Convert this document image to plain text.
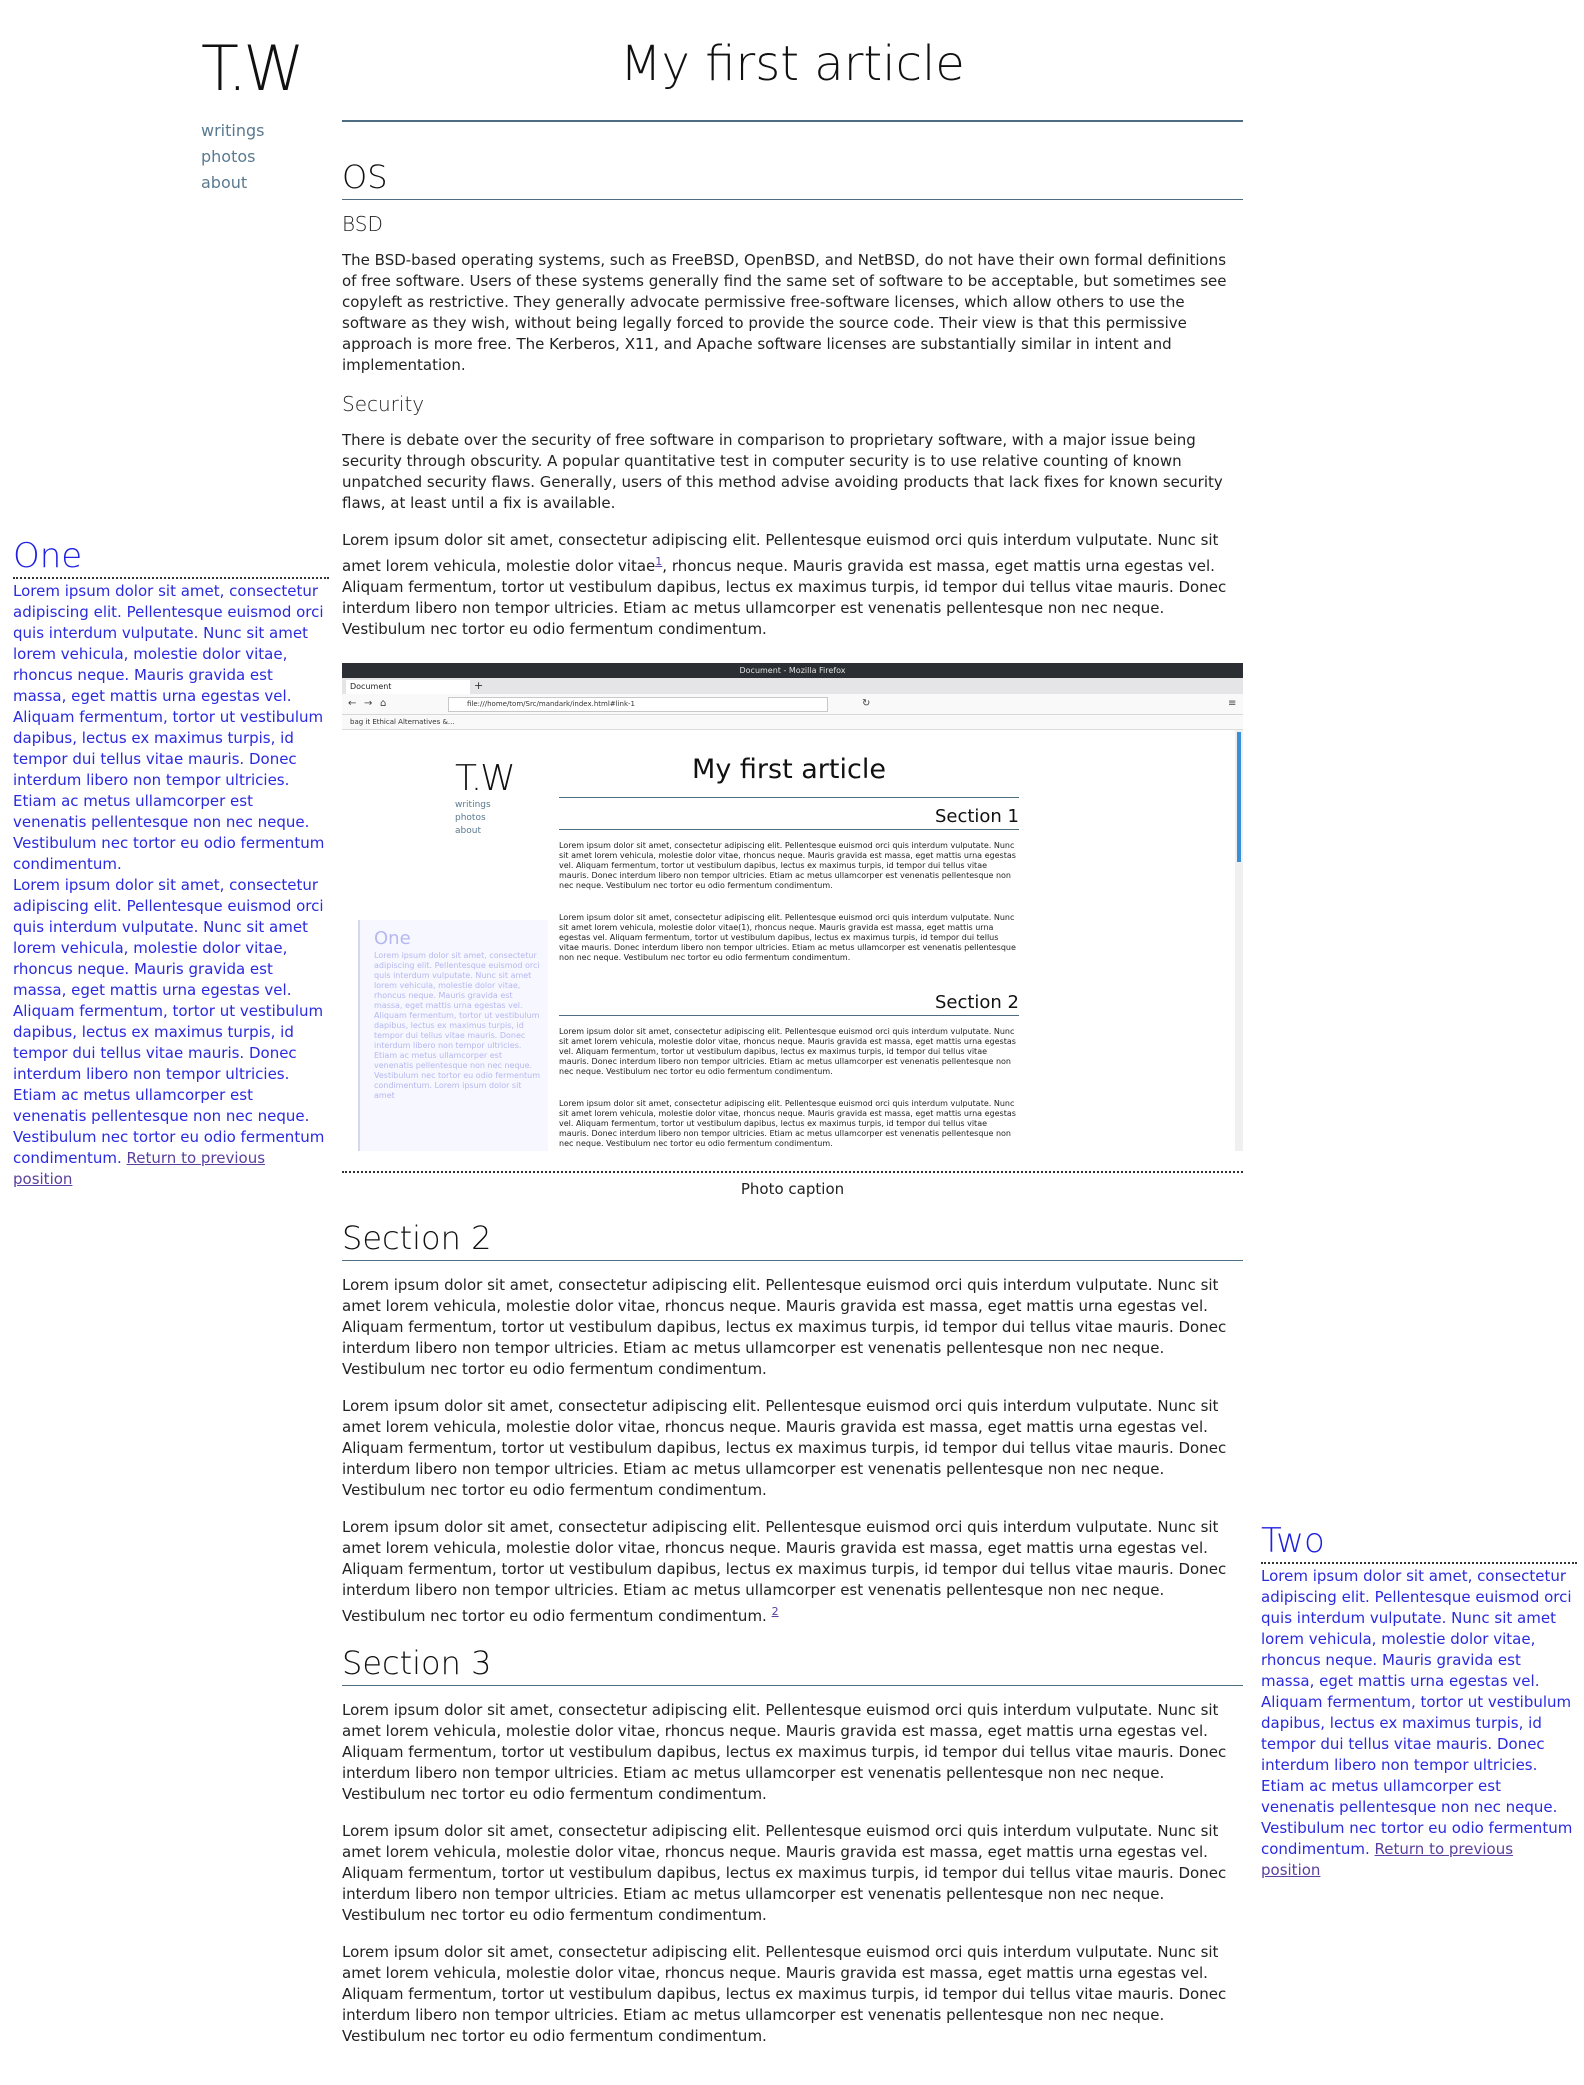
T.W
writings
photos
about
My first article
OS
BSD

The BSD-based operating systems, such as FreeBSD, OpenBSD, and NetBSD, do not have their own formal definitions of free software. Users of these systems generally find the same set of software to be acceptable, but sometimes see copyleft as restrictive. They generally advocate permissive free-software licenses, which allow others to use the software as they wish, without being legally forced to provide the source code. Their view is that this permissive approach is more free. The Kerberos, X11, and Apache software licenses are substantially similar in intent and implementation.

Security

There is debate over the security of free software in comparison to proprietary software, with a major issue being security through obscurity. A popular quantitative test in computer security is to use relative counting of known unpatched security flaws. Generally, users of this method advise avoiding products that lack fixes for known security flaws, at least until a fix is available.

Lorem ipsum dolor sit amet, consectetur adipiscing elit. Pellentesque euismod orci quis interdum vulputate. Nunc sit amet lorem vehicula, molestie dolor vitae$^1$, rhoncus neque. Mauris gravida est massa, eget mattis urna egestas vel. Aliquam fermentum, tortor ut vestibulum dapibus, lectus ex maximus turpis, id tempor dui tellus vitae mauris. Donec interdum libero non tempor ultricies. Etiam ac metus ullamcorper est venenatis pellentesque non nec neque. Vestibulum nec tortor eu odio fermentum condimentum.

Document - Mozilla Firefox
Document	+
← → ⌂	file:///home/tom/Src/mandark/index.html#link-1	↻	≡
bag it Ethical Alternatives &...
T.W
writings
photos
about
My first article
Section 1
Lorem ipsum dolor sit amet, consectetur adipiscing elit. Pellentesque euismod orci quis interdum vulputate. Nunc sit amet lorem vehicula, molestie dolor vitae, rhoncus neque. Mauris gravida est massa, eget mattis urna egestas vel. Aliquam fermentum, tortor ut vestibulum dapibus, lectus ex maximus turpis, id tempor dui tellus vitae mauris. Donec interdum libero non tempor ultricies. Etiam ac metus ullamcorper est venenatis pellentesque non nec neque. Vestibulum nec tortor eu odio fermentum condimentum.
Lorem ipsum dolor sit amet, consectetur adipiscing elit. Pellentesque euismod orci quis interdum vulputate. Nunc sit amet lorem vehicula, molestie dolor vitae(1), rhoncus neque. Mauris gravida est massa, eget mattis urna egestas vel. Aliquam fermentum, tortor ut vestibulum dapibus, lectus ex maximus turpis, id tempor dui tellus vitae mauris. Donec interdum libero non tempor ultricies. Etiam ac metus ullamcorper est venenatis pellentesque non nec neque. Vestibulum nec tortor eu odio fermentum condimentum.
Section 2
Lorem ipsum dolor sit amet, consectetur adipiscing elit. Pellentesque euismod orci quis interdum vulputate. Nunc sit amet lorem vehicula, molestie dolor vitae, rhoncus neque. Mauris gravida est massa, eget mattis urna egestas vel. Aliquam fermentum, tortor ut vestibulum dapibus, lectus ex maximus turpis, id tempor dui tellus vitae mauris. Donec interdum libero non tempor ultricies. Etiam ac metus ullamcorper est venenatis pellentesque non nec neque. Vestibulum nec tortor eu odio fermentum condimentum.
Lorem ipsum dolor sit amet, consectetur adipiscing elit. Pellentesque euismod orci quis interdum vulputate. Nunc sit amet lorem vehicula, molestie dolor vitae, rhoncus neque. Mauris gravida est massa, eget mattis urna egestas vel. Aliquam fermentum, tortor ut vestibulum dapibus, lectus ex maximus turpis, id tempor dui tellus vitae mauris. Donec interdum libero non tempor ultricies. Etiam ac metus ullamcorper est venenatis pellentesque non nec neque. Vestibulum nec tortor eu odio fermentum condimentum.
One
Lorem ipsum dolor sit amet, consectetur adipiscing elit. Pellentesque euismod orci quis interdum vulputate. Nunc sit amet lorem vehicula, molestie dolor vitae, rhoncus neque. Mauris gravida est massa, eget mattis urna egestas vel. Aliquam fermentum, tortor ut vestibulum dapibus, lectus ex maximus turpis, id tempor dui tellus vitae mauris. Donec interdum libero non tempor ultricies. Etiam ac metus ullamcorper est venenatis pellentesque non nec neque. Vestibulum nec tortor eu odio fermentum condimentum. Lorem ipsum dolor sit amet
Photo caption
Section 2

Lorem ipsum dolor sit amet, consectetur adipiscing elit. Pellentesque euismod orci quis interdum vulputate. Nunc sit amet lorem vehicula, molestie dolor vitae, rhoncus neque. Mauris gravida est massa, eget mattis urna egestas vel. Aliquam fermentum, tortor ut vestibulum dapibus, lectus ex maximus turpis, id tempor dui tellus vitae mauris. Donec interdum libero non tempor ultricies. Etiam ac metus ullamcorper est venenatis pellentesque non nec neque. Vestibulum nec tortor eu odio fermentum condimentum.

Lorem ipsum dolor sit amet, consectetur adipiscing elit. Pellentesque euismod orci quis interdum vulputate. Nunc sit amet lorem vehicula, molestie dolor vitae, rhoncus neque. Mauris gravida est massa, eget mattis urna egestas vel. Aliquam fermentum, tortor ut vestibulum dapibus, lectus ex maximus turpis, id tempor dui tellus vitae mauris. Donec interdum libero non tempor ultricies. Etiam ac metus ullamcorper est venenatis pellentesque non nec neque. Vestibulum nec tortor eu odio fermentum condimentum.

Lorem ipsum dolor sit amet, consectetur adipiscing elit. Pellentesque euismod orci quis interdum vulputate. Nunc sit amet lorem vehicula, molestie dolor vitae, rhoncus neque. Mauris gravida est massa, eget mattis urna egestas vel. Aliquam fermentum, tortor ut vestibulum dapibus, lectus ex maximus turpis, id tempor dui tellus vitae mauris. Donec interdum libero non tempor ultricies. Etiam ac metus ullamcorper est venenatis pellentesque non nec neque. Vestibulum nec tortor eu odio fermentum condimentum. $^2$

Section 3

Lorem ipsum dolor sit amet, consectetur adipiscing elit. Pellentesque euismod orci quis interdum vulputate. Nunc sit amet lorem vehicula, molestie dolor vitae, rhoncus neque. Mauris gravida est massa, eget mattis urna egestas vel. Aliquam fermentum, tortor ut vestibulum dapibus, lectus ex maximus turpis, id tempor dui tellus vitae mauris. Donec interdum libero non tempor ultricies. Etiam ac metus ullamcorper est venenatis pellentesque non nec neque. Vestibulum nec tortor eu odio fermentum condimentum.

Lorem ipsum dolor sit amet, consectetur adipiscing elit. Pellentesque euismod orci quis interdum vulputate. Nunc sit amet lorem vehicula, molestie dolor vitae, rhoncus neque. Mauris gravida est massa, eget mattis urna egestas vel. Aliquam fermentum, tortor ut vestibulum dapibus, lectus ex maximus turpis, id tempor dui tellus vitae mauris. Donec interdum libero non tempor ultricies. Etiam ac metus ullamcorper est venenatis pellentesque non nec neque. Vestibulum nec tortor eu odio fermentum condimentum.

Lorem ipsum dolor sit amet, consectetur adipiscing elit. Pellentesque euismod orci quis interdum vulputate. Nunc sit amet lorem vehicula, molestie dolor vitae, rhoncus neque. Mauris gravida est massa, eget mattis urna egestas vel. Aliquam fermentum, tortor ut vestibulum dapibus, lectus ex maximus turpis, id tempor dui tellus vitae mauris. Donec interdum libero non tempor ultricies. Etiam ac metus ullamcorper est venenatis pellentesque non nec neque. Vestibulum nec tortor eu odio fermentum condimentum.

One

Lorem ipsum dolor sit amet, consectetur adipiscing elit. Pellentesque euismod orci quis interdum vulputate. Nunc sit amet lorem vehicula, molestie dolor vitae, rhoncus neque. Mauris gravida est massa, eget mattis urna egestas vel. Aliquam fermentum, tortor ut vestibulum dapibus, lectus ex maximus turpis, id tempor dui tellus vitae mauris. Donec interdum libero non tempor ultricies. Etiam ac metus ullamcorper est venenatis pellentesque non nec neque. Vestibulum nec tortor eu odio fermentum condimentum.

Lorem ipsum dolor sit amet, consectetur adipiscing elit. Pellentesque euismod orci quis interdum vulputate. Nunc sit amet lorem vehicula, molestie dolor vitae, rhoncus neque. Mauris gravida est massa, eget mattis urna egestas vel. Aliquam fermentum, tortor ut vestibulum dapibus, lectus ex maximus turpis, id tempor dui tellus vitae mauris. Donec interdum libero non tempor ultricies. Etiam ac metus ullamcorper est venenatis pellentesque non nec neque. Vestibulum nec tortor eu odio fermentum condimentum. Return to previous position

Two

Lorem ipsum dolor sit amet, consectetur adipiscing elit. Pellentesque euismod orci quis interdum vulputate. Nunc sit amet lorem vehicula, molestie dolor vitae, rhoncus neque. Mauris gravida est massa, eget mattis urna egestas vel. Aliquam fermentum, tortor ut vestibulum dapibus, lectus ex maximus turpis, id tempor dui tellus vitae mauris. Donec interdum libero non tempor ultricies. Etiam ac metus ullamcorper est venenatis pellentesque non nec neque. Vestibulum nec tortor eu odio fermentum condimentum. Return to previous position
